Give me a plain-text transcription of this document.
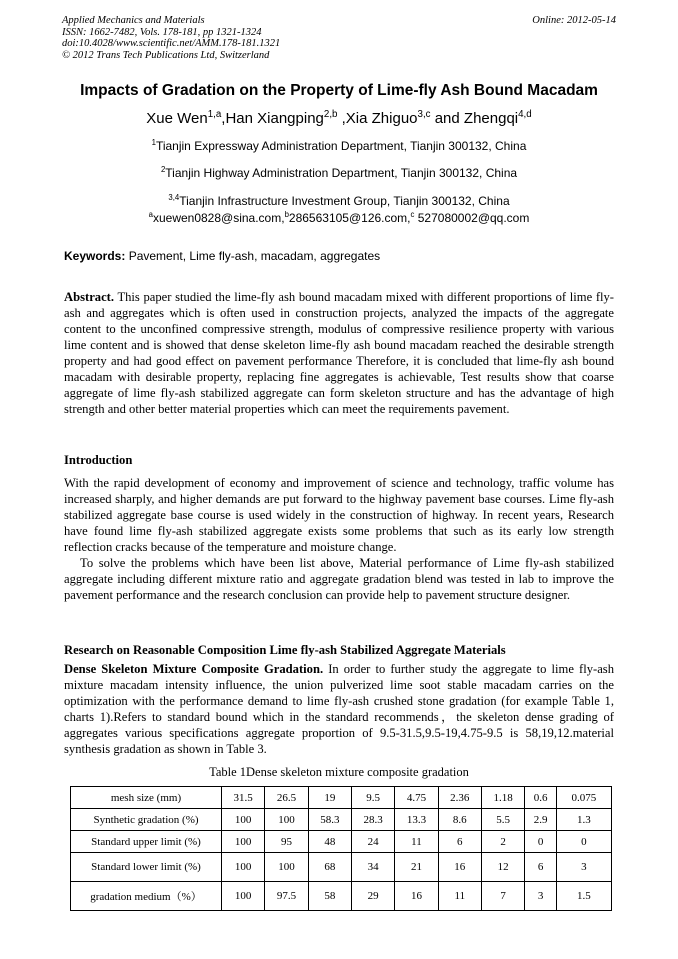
Applied Mechanics and Materials
ISSN: 1662-7482, Vols. 178-181, pp 1321-1324
doi:10.4028/www.scientific.net/AMM.178-181.1321
© 2012 Trans Tech Publications Ltd, Switzerland
Online: 2012-05-14
Impacts of Gradation on the Property of Lime-fly Ash Bound Macadam
Xue Wen$^{1,a}$,Han Xiangping$^{2,b}$ ,Xia Zhiguo$^{3,c}$ and Zhengqi$^{4,d}$
$^1$Tianjin Expressway Administration Department, Tianjin 300132, China
$^2$Tianjin Highway Administration Department, Tianjin 300132, China
$^{3,4}$Tianjin Infrastructure Investment Group, Tianjin 300132, China
$^a$xuewen0828@sina.com,$^b$286563105@126.com,$^c$ 527080002@qq.com
Keywords: Pavement, Lime fly-ash, macadam, aggregates
Abstract. This paper studied the lime-fly ash bound macadam mixed with different proportions of lime fly-ash and aggregates which is often used in construction projects, analyzed the impacts of the aggregate content to the unconfined compressive strength, modulus of compressive resilience property with various lime content and is showed that dense skeleton lime-fly ash bound macadam reached the desirable strength property and had good effect on pavement performance Therefore, it is concluded that lime-fly ash bound macadam with desirable property, replacing fine aggregates is achievable, Test results show that coarse aggregate of lime fly-ash stabilized aggregate can form skeleton structure and has the advantage of high strength and other better material properties which can meet the requirements pavement.
Introduction
With the rapid development of economy and improvement of science and technology, traffic volume has increased sharply, and higher demands are put forward to the highway pavement base courses. Lime fly-ash stabilized aggregate base course is used widely in the construction of highway. In recent years, Research have found lime fly-ash stabilized aggregate exists some problems that such as its early low strength reflection cracks because of the temperature and moisture change.
To solve the problems which have been list above, Material performance of Lime fly-ash stabilized aggregate including different mixture ratio and aggregate gradation blend was tested in lab to improve the pavement performance and the research conclusion can provide help to pavement structure designer.
Research on Reasonable Composition Lime fly-ash Stabilized Aggregate Materials
Dense Skeleton Mixture Composite Gradation. In order to further study the aggregate to lime fly-ash mixture macadam intensity influence, the union pulverized lime soot stable macadam carries on the optimization with the performance demand to lime fly-ash crushed stone gradation (for example Table 1, charts 1).Refers to standard bound which in the standard recommends，the skeleton dense grading of aggregates various specifications aggregate proportion of 9.5-31.5,9.5-19,4.75-9.5 is 58,19,12.material synthesis gradation as shown in Table 3.
Table 1Dense skeleton mixture composite gradation
mesh size (mm)	31.5	26.5	19	9.5	4.75	2.36	1.18	0.6	0.075
Synthetic gradation (%)	100	100	58.3	28.3	13.3	8.6	5.5	2.9	1.3
Standard upper limit (%)	100	95	48	24	11	6	2	0	0
Standard lower limit (%)	100	100	68	34	21	16	12	6	3
gradation medium（%）	100	97.5	58	29	16	11	7	3	1.5
